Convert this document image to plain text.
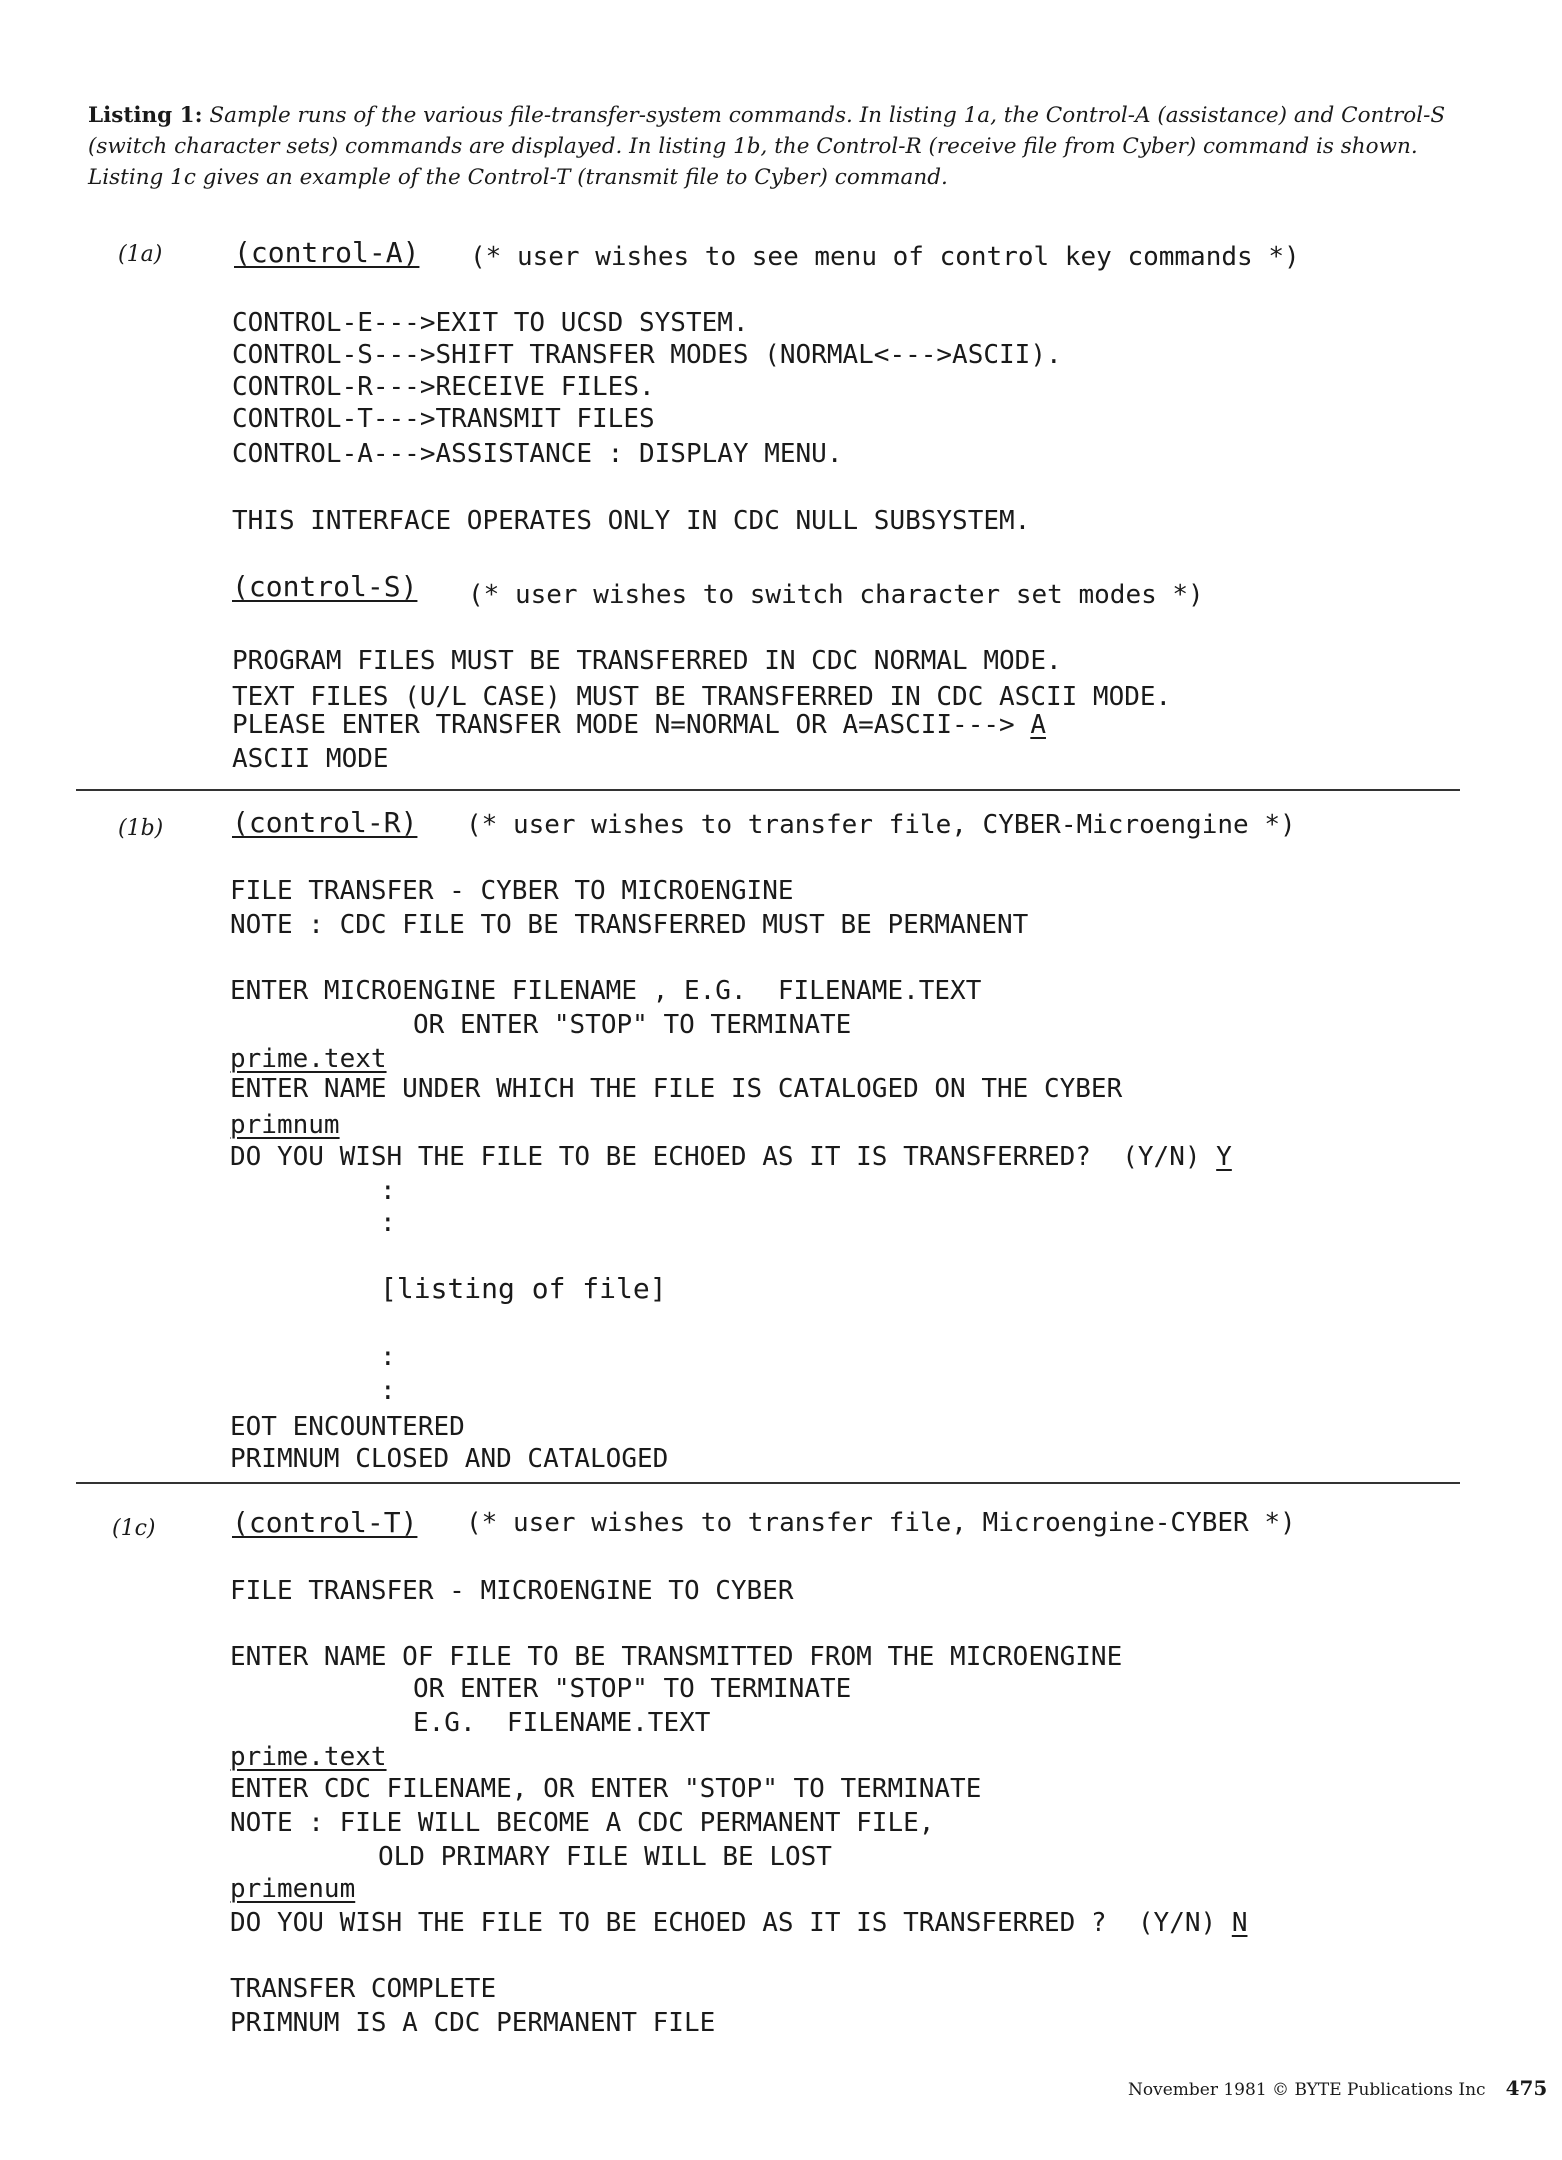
Listing 1: Sample runs of the various file-transfer-system commands. In listing 1a, the Control-A (assistance) and Control-S (switch character sets) commands are displayed. In listing 1b, the Control-R (receive file from Cyber) command is shown. Listing 1c gives an example of the Control-T (transmit file to Cyber) command.
(1a)	(control-A) (* user wishes to see menu of control key commands *)
CONTROL-E--->EXIT TO UCSD SYSTEM.
CONTROL-S--->SHIFT TRANSFER MODES (NORMAL<--->ASCII).
CONTROL-R--->RECEIVE FILES.
CONTROL-T--->TRANSMIT FILES
CONTROL-A--->ASSISTANCE : DISPLAY MENU.
THIS INTERFACE OPERATES ONLY IN CDC NULL SUBSYSTEM.
(control-S) (* user wishes to switch character set modes *)
PROGRAM FILES MUST BE TRANSFERRED IN CDC NORMAL MODE.
TEXT FILES (U/L CASE) MUST BE TRANSFERRED IN CDC ASCII MODE.
PLEASE ENTER TRANSFER MODE N=NORMAL OR A=ASCII---> A
ASCII MODE
(1b) (control-R) (* user wishes to transfer file, CYBER-Microengine *)
FILE TRANSFER - CYBER TO MICROENGINE
NOTE : CDC FILE TO BE TRANSFERRED MUST BE PERMANENT
ENTER MICROENGINE FILENAME , E.G.  FILENAME.TEXT
OR ENTER "STOP" TO TERMINATE
prime.text
ENTER NAME UNDER WHICH THE FILE IS CATALOGED ON THE CYBER
primnum
DO YOU WISH THE FILE TO BE ECHOED AS IT IS TRANSFERRED?  (Y/N) Y
:
:
[listing of file]
:
:
EOT ENCOUNTERED
PRIMNUM CLOSED AND CATALOGED
(1c)	(control-T) (* user wishes to transfer file, Microengine-CYBER *)
FILE TRANSFER - MICROENGINE TO CYBER
ENTER NAME OF FILE TO BE TRANSMITTED FROM THE MICROENGINE
OR ENTER "STOP" TO TERMINATE
E.G.  FILENAME.TEXT
prime.text
ENTER CDC FILENAME, OR ENTER "STOP" TO TERMINATE
NOTE : FILE WILL BECOME A CDC PERMANENT FILE,
OLD PRIMARY FILE WILL BE LOST
primenum
DO YOU WISH THE FILE TO BE ECHOED AS IT IS TRANSFERRED ?  (Y/N) N
TRANSFER COMPLETE
PRIMNUM IS A CDC PERMANENT FILE
November 1981 © BYTE Publications Inc 475
